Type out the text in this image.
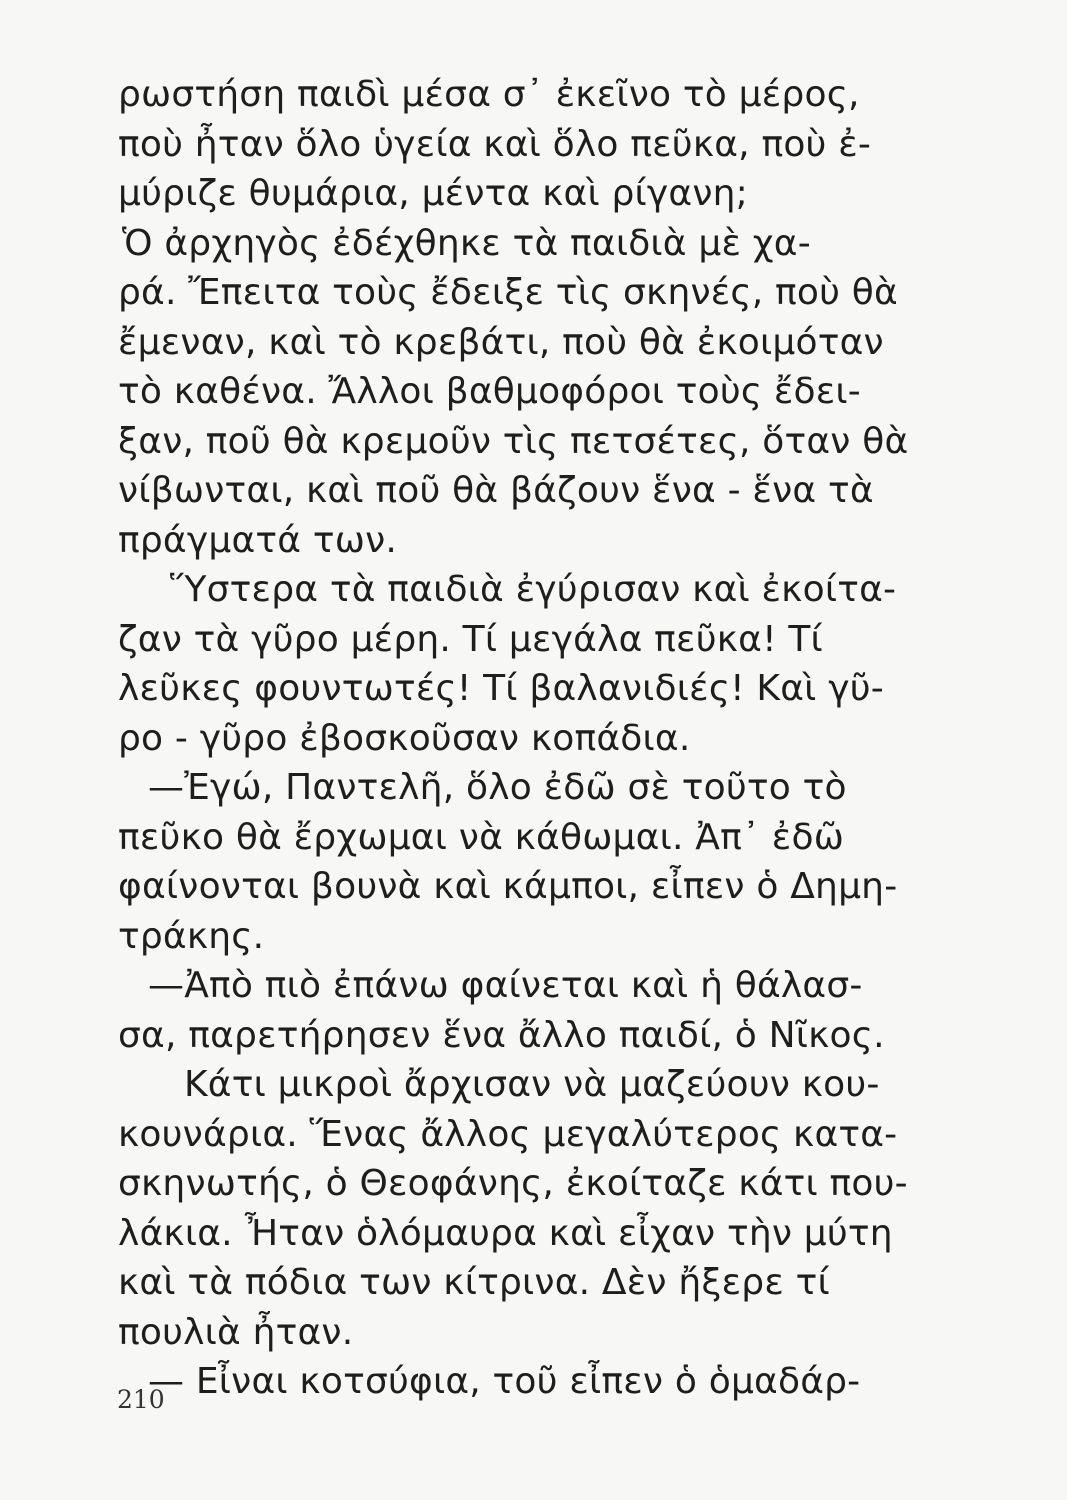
ρωστήση παιδὶ μέσα σ᾽ ἐκεῖνο τὸ μέρος,
ποὺ ἦταν ὅλο ὑγεία καὶ ὅλο πεῦκα, ποὺ ἐ-
μύριζε θυμάρια, μέντα καὶ ρίγανη;
Ὁ ἀρχηγὸς ἐδέχθηκε τὰ παιδιὰ μὲ χα-
ρά. Ἔπειτα τοὺς ἔδειξε τὶς σκηνές, ποὺ θὰ
ἔμεναν, καὶ τὸ κρεβάτι, ποὺ θὰ ἐκοιμόταν
τὸ καθένα. Ἄλλοι βαθμοφόροι τοὺς ἔδει-
ξαν, ποῦ θὰ κρεμοῦν τὶς πετσέτες, ὅταν θὰ
νίβωνται, καὶ ποῦ θὰ βάζουν ἕνα - ἕνα τὰ
πράγματά των.
Ὕστερα τὰ παιδιὰ ἐγύρισαν καὶ ἐκοίτα-
ζαν τὰ γῦρο μέρη. Τί μεγάλα πεῦκα! Τί
λεῦκες φουντωτές! Τί βαλανιδιές! Καὶ γῦ-
ρο - γῦρο ἐβοσκοῦσαν κοπάδια.
—Ἐγώ, Παντελῆ, ὅλο ἐδῶ σὲ τοῦτο τὸ
πεῦκο θὰ ἔρχωμαι νὰ κάθωμαι. Ἀπ᾽ ἐδῶ
φαίνονται βουνὰ καὶ κάμποι, εἶπεν ὁ Δημη-
τράκης.
—Ἀπὸ πιὸ ἐπάνω φαίνεται καὶ ἡ θάλασ-
σα, παρετήρησεν ἕνα ἄλλο παιδί, ὁ Νῖκος.
Κάτι μικροὶ ἄρχισαν νὰ μαζεύουν κου-
κουνάρια. Ἕνας ἄλλος μεγαλύτερος κατα-
σκηνωτής, ὁ Θεοφάνης, ἐκοίταζε κάτι που-
λάκια. Ἦταν ὁλόμαυρα καὶ εἶχαν τὴν μύτη
καὶ τὰ πόδια των κίτρινα. Δὲν ἤξερε τί
πουλιὰ ἦταν.
— Εἶναι κοτσύφια, τοῦ εἶπεν ὁ ὁμαδάρ-
210
